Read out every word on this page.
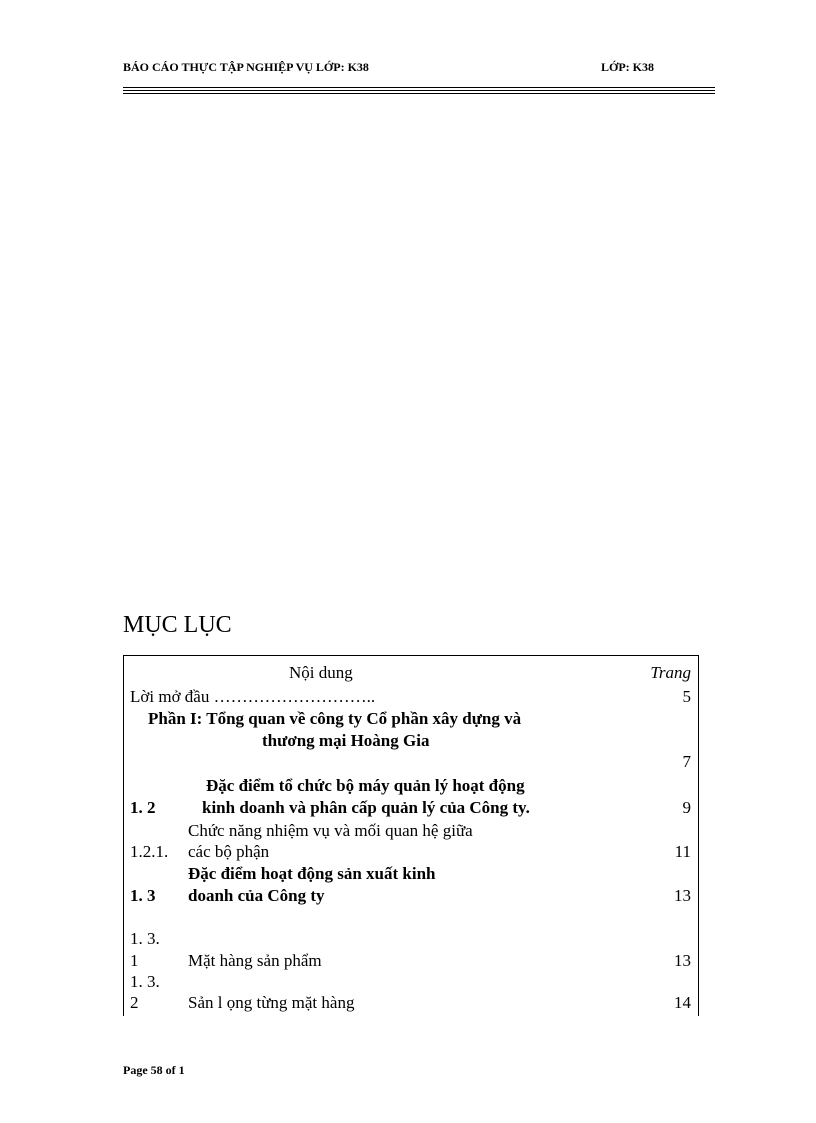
BÁO CÁO THỰC TẬP NGHIỆP VỤ LỚP: K38	LỚP: K38
MỤC LỤC
Nội dung	Trang
Lời mở đầu ………………………..	5
Phần I: Tổng quan về công ty Cổ phần xây dựng và
thương mại Hoàng Gia
7
Đặc điểm tổ chức bộ máy quản lý hoạt động
1. 2	kinh doanh và phân cấp quản lý của Công ty.	9
Chức năng nhiệm vụ và mối quan hệ giữa
1.2.1. các bộ phận	11
Đặc điểm hoạt động sản xuất kinh
1. 3 doanh của Công ty	13
1. 3.
1	Mặt hàng sản phẩm	13
1. 3.
2	Sản l ọng từng mặt hàng	14
Page 58 of 1
